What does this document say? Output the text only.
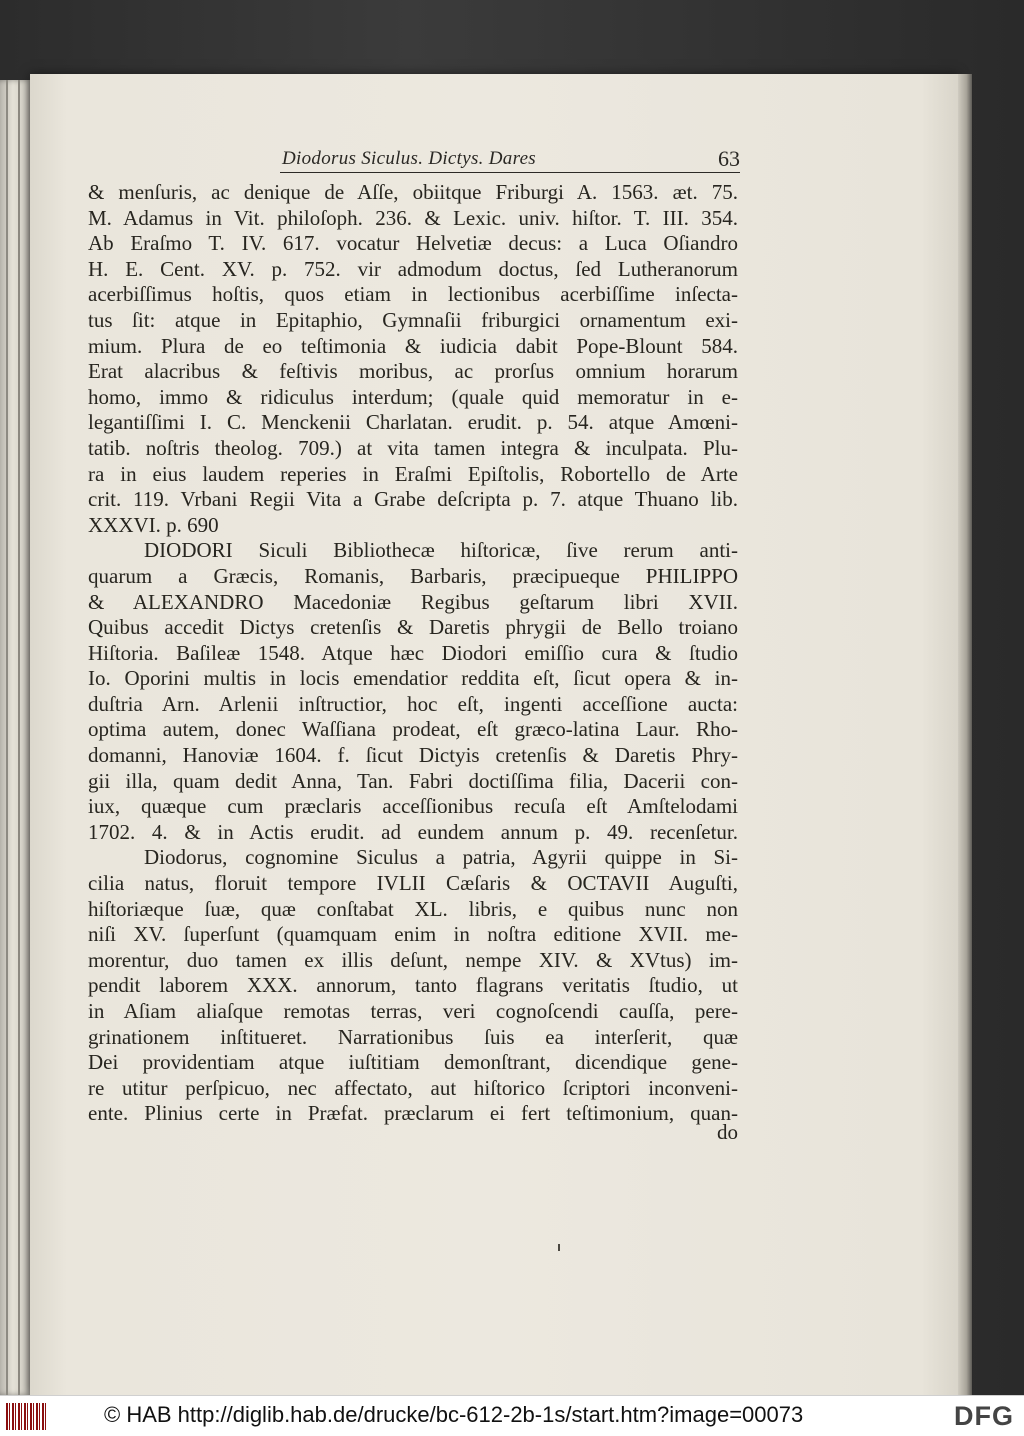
Diodorus Siculus. Dictys. Dares	63
& menſuris, ac denique de Aſſe, obiitque Friburgi A. 1563. æt. 75.
M. Adamus in Vit. philoſoph. 236. & Lexic. univ. hiſtor. T. III. 354.
Ab Eraſmo T. IV. 617. vocatur Helvetiæ decus: a Luca Oſiandro
H. E. Cent. XV. p. 752. vir admodum doctus, ſed Lutheranorum
acerbiſſimus hoſtis, quos etiam in lectionibus acerbiſſime inſecta-
tus ſit: atque in Epitaphio, Gymnaſii friburgici ornamentum exi-
mium. Plura de eo teſtimonia & iudicia dabit Pope-Blount 584.
Erat alacribus & feſtivis moribus, ac prorſus omnium horarum
homo, immo & ridiculus interdum; (quale quid memoratur in e-
legantiſſimi I. C. Menckenii Charlatan. erudit. p. 54. atque Amœni-
tatib. noſtris theolog. 709.) at vita tamen integra & inculpata. Plu-
ra in eius laudem reperies in Eraſmi Epiſtolis, Robortello de Arte
crit. 119. Vrbani Regii Vita a Grabe deſcripta p. 7. atque Thuano lib.
XXXVI. p. 690
DIODORI Siculi Bibliothecæ hiſtoricæ, ſive rerum anti-
quarum a Græcis, Romanis, Barbaris, præcipueque PHILIPPO
& ALEXANDRO Macedoniæ Regibus geſtarum libri XVII.
Quibus accedit Dictys cretenſis & Daretis phrygii de Bello troiano
Hiſtoria. Baſileæ 1548. Atque hæc Diodori emiſſio cura & ſtudio
Io. Oporini multis in locis emendatior reddita eſt, ſicut opera & in-
duſtria Arn. Arlenii inſtructior, hoc eſt, ingenti acceſſione aucta:
optima autem, donec Waſſiana prodeat, eſt græco-latina Laur. Rho-
domanni, Hanoviæ 1604. f. ſicut Dictyis cretenſis & Daretis Phry-
gii illa, quam dedit Anna, Tan. Fabri doctiſſima filia, Dacerii con-
iux, quæque cum præclaris acceſſionibus recuſa eſt Amſtelodami
1702. 4. & in Actis erudit. ad eundem annum p. 49. recenſetur.
Diodorus, cognomine Siculus a patria, Agyrii quippe in Si-
cilia natus, floruit tempore IVLII Cæſaris & OCTAVII Auguſti,
hiſtoriæque ſuæ, quæ conſtabat XL. libris, e quibus nunc non
niſi XV. ſuperſunt (quamquam enim in noſtra editione XVII. me-
morentur, duo tamen ex illis deſunt, nempe XIV. & XVtus) im-
pendit laborem XXX. annorum, tanto flagrans veritatis ſtudio, ut
in Aſiam aliaſque remotas terras, veri cognoſcendi cauſſa, pere-
grinationem inſtitueret. Narrationibus ſuis ea interſerit, quæ
Dei providentiam atque iuſtitiam demonſtrant, dicendique gene-
re utitur perſpicuo, nec affectato, aut hiſtorico ſcriptori inconveni-
ente. Plinius certe in Præfat. præclarum ei fert teſtimonium, quan-
do
© HAB http://diglib.hab.de/drucke/bc-612-2b-1s/start.htm?image=00073	DFG
